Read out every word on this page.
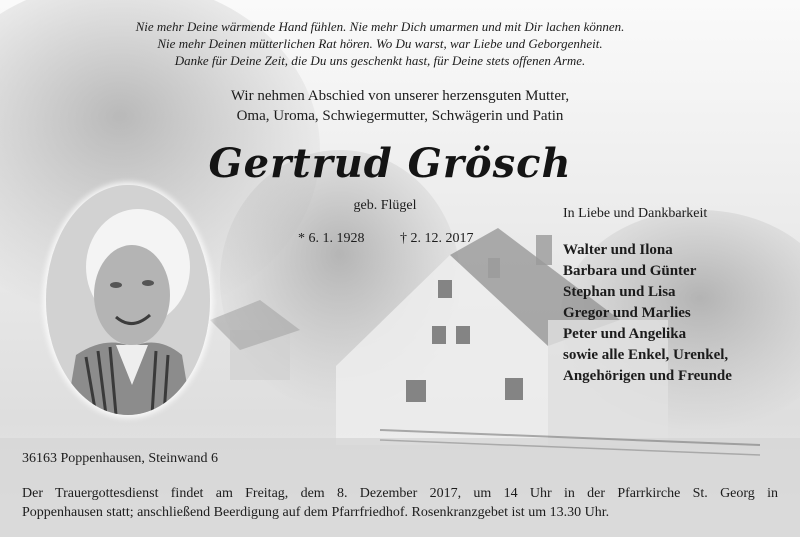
Nie mehr Deine wärmende Hand fühlen. Nie mehr Dich umarmen und mit Dir lachen können.
Nie mehr Deinen mütterlichen Rat hören. Wo Du warst, war Liebe und Geborgenheit.
Danke für Deine Zeit, die Du uns geschenkt hast, für Deine stets offenen Arme.
Wir nehmen Abschied von unserer herzensguten Mutter,
Oma, Uroma, Schwiegermutter, Schwägerin und Patin
Gertrud Grösch
geb. Flügel
* 6. 1. 1928	† 2. 12. 2017
In Liebe und Dankbarkeit
Walter und Ilona
Barbara und Günter
Stephan und Lisa
Gregor und Marlies
Peter und Angelika
sowie alle Enkel, Urenkel,
Angehörigen und Freunde
36163 Poppenhausen, Steinwand 6
Der Trauergottesdienst findet am Freitag, dem 8. Dezember 2017, um 14 Uhr in der Pfarrkirche St. Georg in
Poppenhausen statt; anschließend Beerdigung auf dem Pfarrfriedhof. Rosenkranzgebet ist um 13.30 Uhr.
